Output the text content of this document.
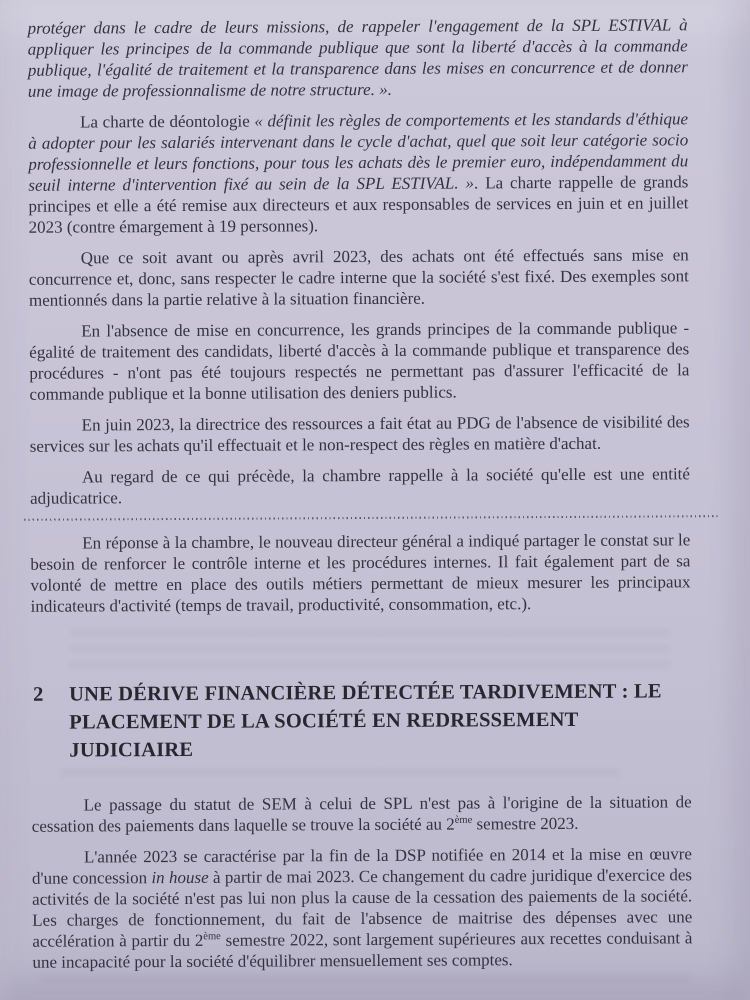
protéger dans le cadre de leurs missions, de rappeler l'engagement de la SPL ESTIVAL à appliquer les principes de la commande publique que sont la liberté d'accès à la commande publique, l'égalité de traitement et la transparence dans les mises en concurrence et de donner une image de professionnalisme de notre structure. ».

La charte de déontologie « définit les règles de comportements et les standards d'éthique à adopter pour les salariés intervenant dans le cycle d'achat, quel que soit leur catégorie socio professionnelle et leurs fonctions, pour tous les achats dès le premier euro, indépendamment du seuil interne d'intervention fixé au sein de la SPL ESTIVAL. ». La charte rappelle de grands principes et elle a été remise aux directeurs et aux responsables de services en juin et en juillet 2023 (contre émargement à 19 personnes).

Que ce soit avant ou après avril 2023, des achats ont été effectués sans mise en concurrence et, donc, sans respecter le cadre interne que la société s'est fixé. Des exemples sont mentionnés dans la partie relative à la situation financière.

En l'absence de mise en concurrence, les grands principes de la commande publique - égalité de traitement des candidats, liberté d'accès à la commande publique et transparence des procédures - n'ont pas été toujours respectés ne permettant pas d'assurer l'efficacité de la commande publique et la bonne utilisation des deniers publics.

En juin 2023, la directrice des ressources a fait état au PDG de l'absence de visibilité des services sur les achats qu'il effectuait et le non-respect des règles en matière d'achat.

Au regard de ce qui précède, la chambre rappelle à la société qu'elle est une entité adjudicatrice.

En réponse à la chambre, le nouveau directeur général a indiqué partager le constat sur le besoin de renforcer le contrôle interne et les procédures internes. Il fait également part de sa volonté de mettre en place des outils métiers permettant de mieux mesurer les principaux indicateurs d'activité (temps de travail, productivité, consommation, etc.).

2	UNE DÉRIVE FINANCIÈRE DÉTECTÉE TARDIVEMENT : LE PLACEMENT DE LA SOCIÉTÉ EN REDRESSEMENT JUDICIAIRE

Le passage du statut de SEM à celui de SPL n'est pas à l'origine de la situation de cessation des paiements dans laquelle se trouve la société au 2ème semestre 2023.

L'année 2023 se caractérise par la fin de la DSP notifiée en 2014 et la mise en œuvre d'une concession in house à partir de mai 2023. Ce changement du cadre juridique d'exercice des activités de la société n'est pas lui non plus la cause de la cessation des paiements de la société. Les charges de fonctionnement, du fait de l'absence de maitrise des dépenses avec une accélération à partir du 2ème semestre 2022, sont largement supérieures aux recettes conduisant à une incapacité pour la société d'équilibrer mensuellement ses comptes.
